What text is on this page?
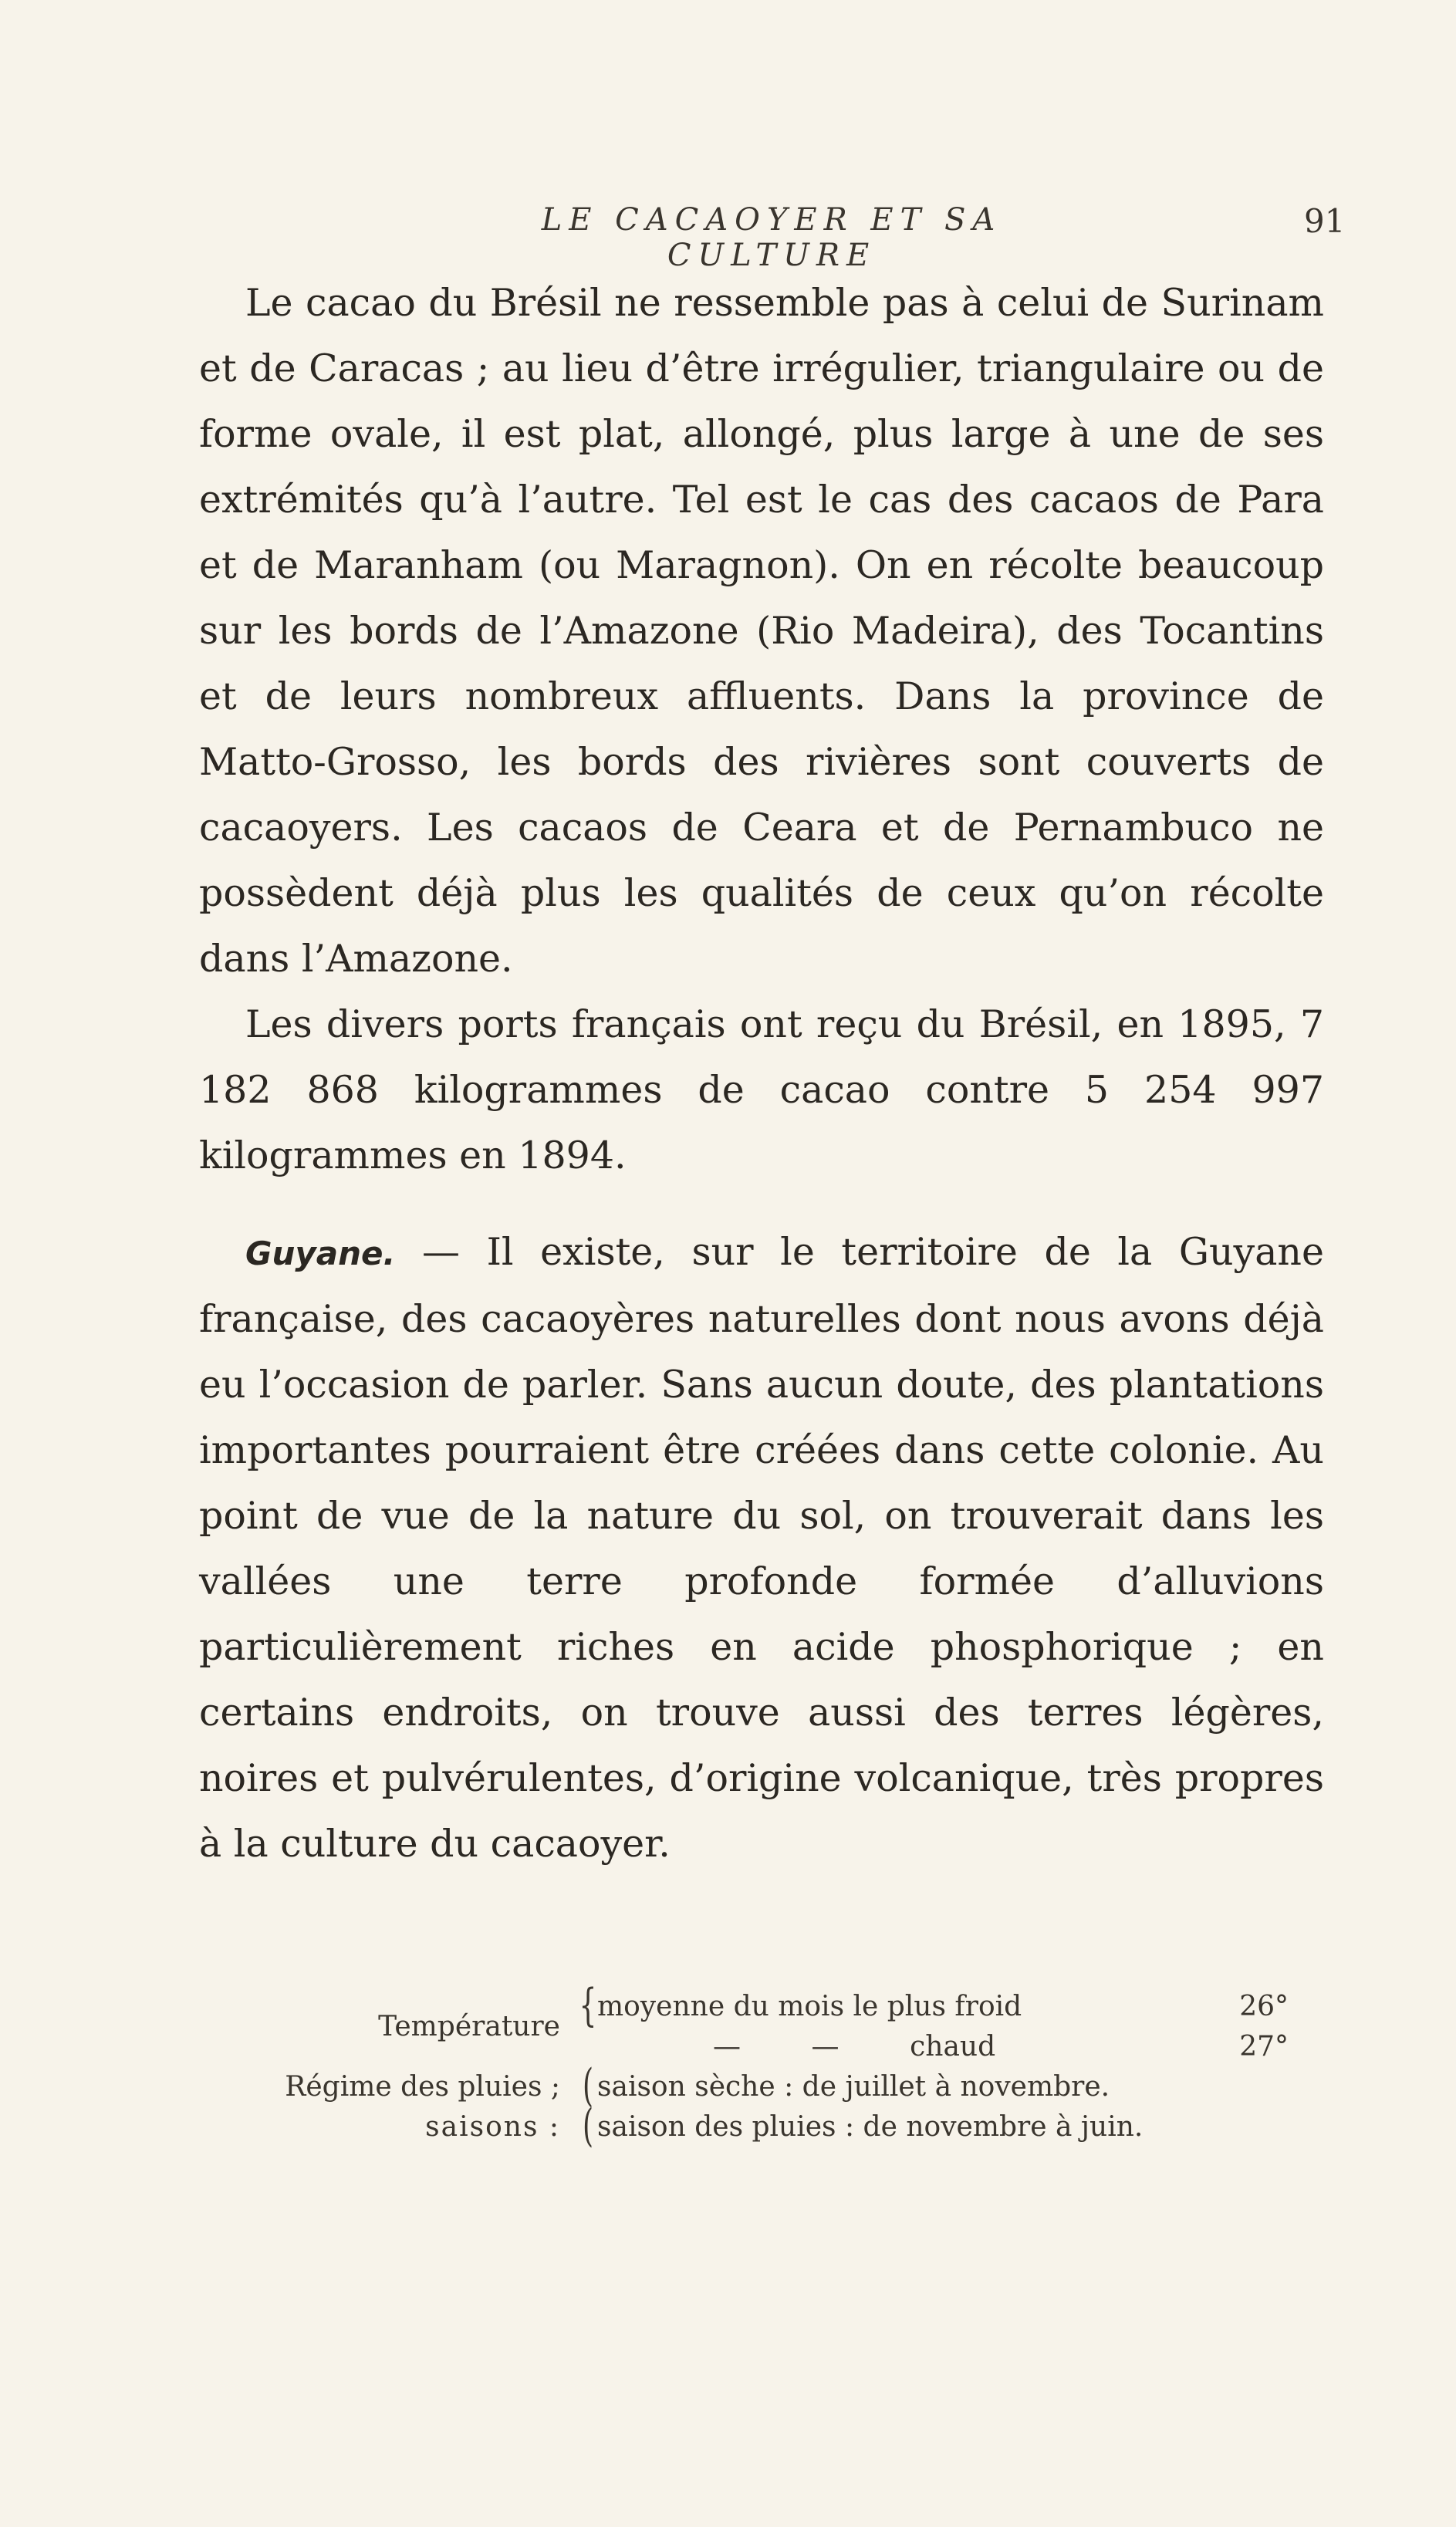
LE CACAOYER ET SA CULTURE
91

Le cacao du Brésil ne ressemble pas à celui de Surinam et de Caracas ; au lieu d’être irrégulier, triangulaire ou de forme ovale, il est plat, allongé, plus large à une de ses extrémités qu’à l’autre. Tel est le cas des cacaos de Para et de Maranham (ou Maragnon). On en récolte beaucoup sur les bords de l’Amazone (Rio Madeira), des Tocantins et de leurs nombreux affluents. Dans la province de Matto-Grosso, les bords des rivières sont couverts de cacaoyers. Les cacaos de Ceara et de Pernambuco ne possèdent déjà plus les qualités de ceux qu’on récolte dans l’Amazone.

Les divers ports français ont reçu du Brésil, en 1895, 7 182 868 kilogrammes de cacao contre 5 254 997 kilogrammes en 1894.

Guyane. — Il existe, sur le territoire de la Guyane française, des cacaoyères naturelles dont nous avons déjà eu l’occasion de parler. Sans aucun doute, des plantations importantes pourraient être créées dans cette colonie. Au point de vue de la nature du sol, on trouverait dans les vallées une terre profonde formée d’alluvions particulièrement riches en acide phosphorique ; en certains endroits, on trouve aussi des terres légères, noires et pulvérulentes, d’origine volcanique, très propres à la culture du cacaoyer.

Température { moyenne du mois le plus froid	26°
—        —        chaud	27°
Régime des pluies ; ( saison sèche : de juillet à novembre.
saisons : ( saison des pluies : de novembre à juin.
